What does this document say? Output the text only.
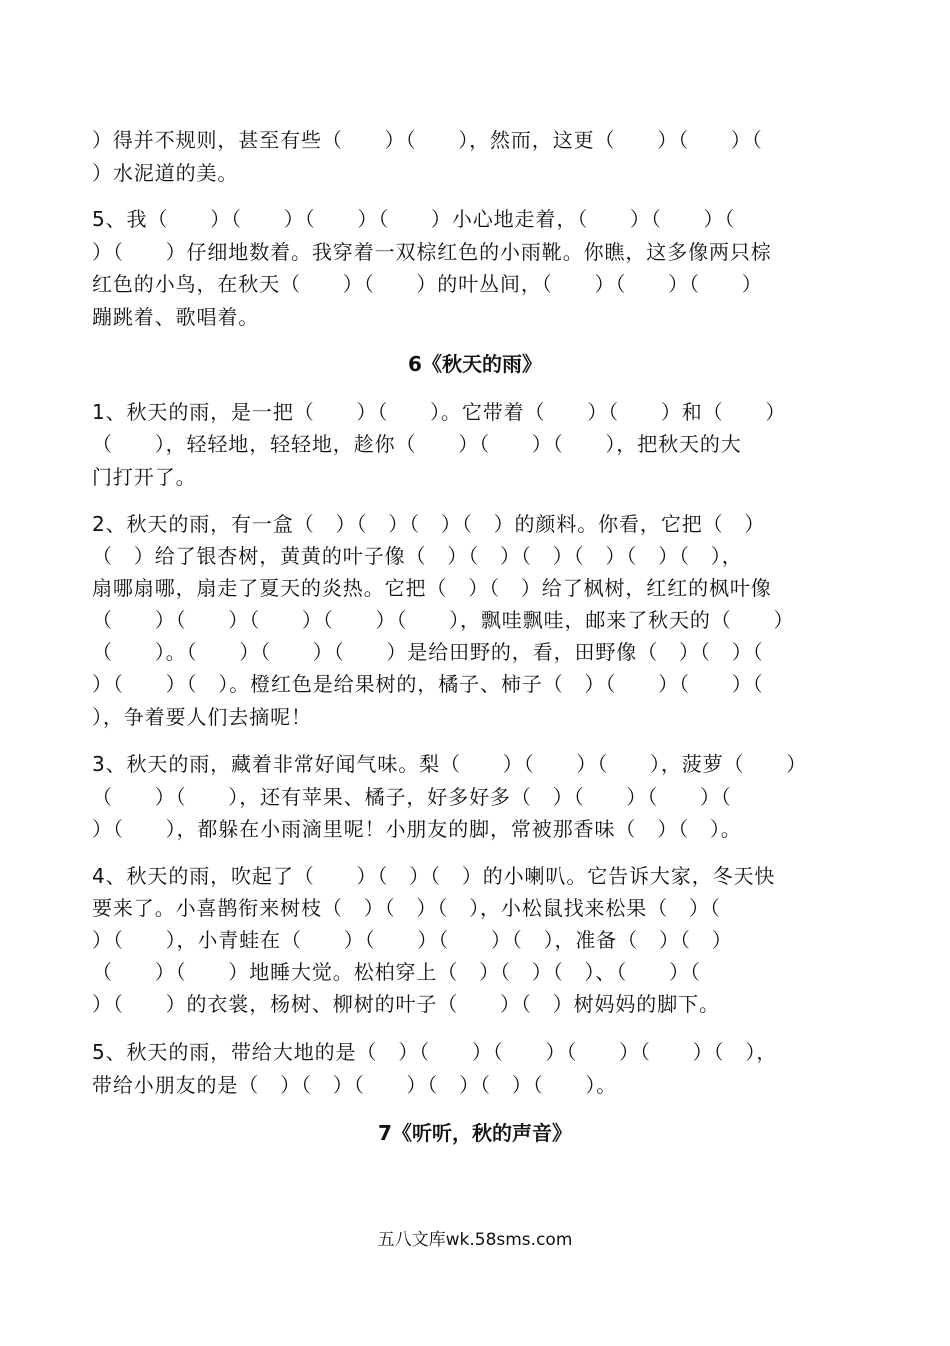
）得并不规则，甚至有些（　　）（　　），然而，这更（　　）（　　）（
）水泥道的美。
5、我（　　）（　　）（　　）（　　）小心地走着，（　　）（　　）（
）（　　）仔细地数着。我穿着一双棕红色的小雨靴。你瞧，这多像两只棕
红色的小鸟，在秋天（　　）（　　）的叶丛间，（　　）（　　）（　　）
蹦跳着、歌唱着。
6《秋天的雨》
1、秋天的雨，是一把（　　）（　　）。它带着（　　）（　　）和（　　）
（　　），轻轻地，轻轻地，趁你（　　）（　　）（　　），把秋天的大
门打开了。
2、秋天的雨，有一盒（　）（　）（　）（　）的颜料。你看，它把（　）
（　）给了银杏树，黄黄的叶子像（　）（　）（　）（　）（　）（　），
扇哪扇哪，扇走了夏天的炎热。它把（　）（　）给了枫树，红红的枫叶像
（　　）（　　）（　　）（　　）（　　），飘哇飘哇，邮来了秋天的（　　）
（　　）。（　　）（　　）（　　）是给田野的，看，田野像（　）（　）（
）（　　）（　）。橙红色是给果树的，橘子、柿子（　）（　　）（　　）（
），争着要人们去摘呢！
3、秋天的雨，藏着非常好闻气味。梨（　　）（　　）（　　），菠萝（　　）
（　　）（　　），还有苹果、橘子，好多好多（　）（　　）（　　）（
）（　　），都躲在小雨滴里呢！小朋友的脚，常被那香味（　）（　）。
4、秋天的雨，吹起了（　　）（　）（　）的小喇叭。它告诉大家，冬天快
要来了。小喜鹊衔来树枝（　）（　）（　），小松鼠找来松果（　）（
）（　　），小青蛙在（　　）（　　）（　　）（　），准备（　）（　）
（　　）（　　）地睡大觉。松柏穿上（　）（　）（　）、（　　）（
）（　　）的衣裳，杨树、柳树的叶子（　　）（　）树妈妈的脚下。
5、秋天的雨，带给大地的是（　）（　　）（　　）（　　）（　　）（　），
带给小朋友的是（　）（　）（　　）（　）（　）（　　）。
7《听听，秋的声音》
五八文库wk.58sms.com
